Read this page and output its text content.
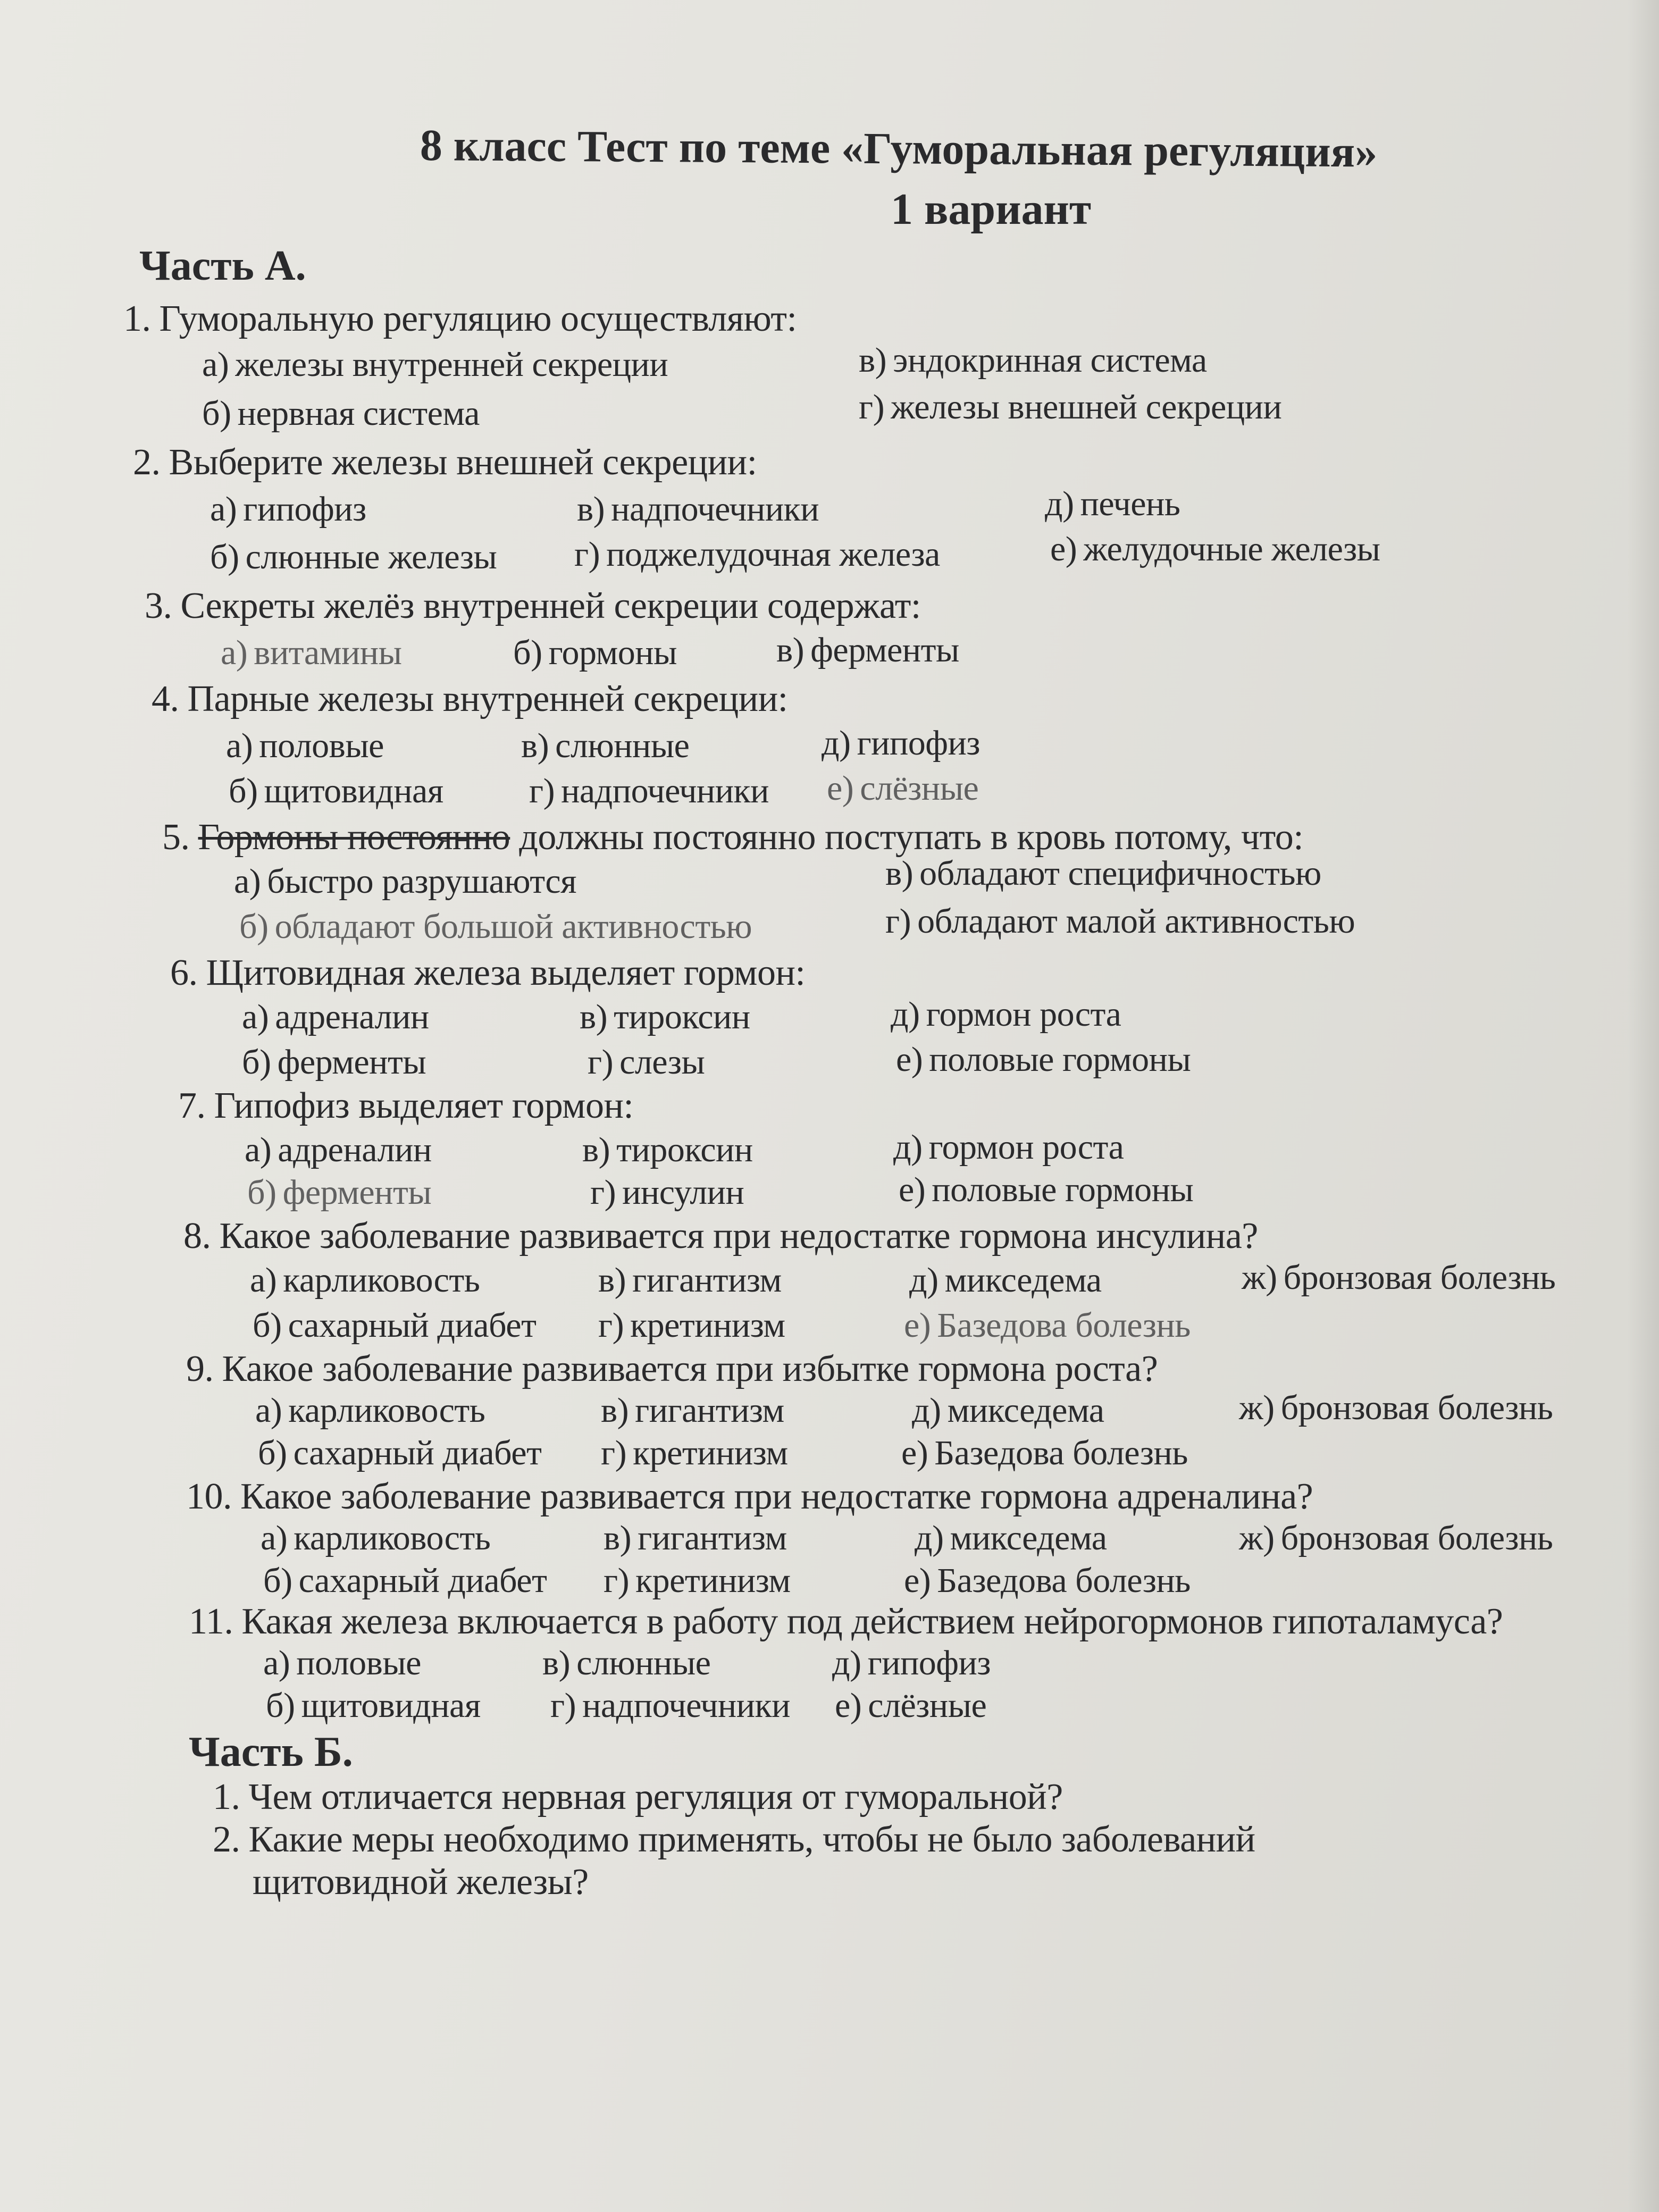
8 класс Тест по теме «Гуморальная регуляция»
1 вариант
Часть А.
1. Гуморальную регуляцию осуществляют:
а) железы внутренней секреции	в) эндокринная система
б) нервная система	г) железы внешней секреции
2. Выберите железы внешней секреции:
а) гипофиз	в) надпочечники	д) печень
б) слюнные железы г) поджелудочная железа	е) желудочные железы
3. Секреты желёз внутренней секреции содержат:
а) витамины	б) гормоны	в) ферменты
4. Парные железы внутренней секреции:
а) половые	в) слюнные	д) гипофиз
б) щитовидная г) надпочечники е) слёзные
5. Гормоны постоянно должны постоянно поступать в кровь потому, что:
а) быстро разрушаются	в) обладают специфичностью
б) обладают большой активностью	г) обладают малой активностью
6. Щитовидная железа выделяет гормон:
а) адреналин	в) тироксин	д) гормон роста
б) ферменты	г) слезы	е) половые гормоны
7. Гипофиз выделяет гормон:
а) адреналин	в) тироксин	д) гормон роста
б) ферменты	г) инсулин	е) половые гормоны
8. Какое заболевание развивается при недостатке гормона инсулина?
а) карликовость	в) гигантизм	д) микседема	ж) бронзовая болезнь
б) сахарный диабет г) кретинизм	е) Базедова болезнь
9. Какое заболевание развивается при избытке гормона роста?
а) карликовость	в) гигантизм	д) микседема	ж) бронзовая болезнь
б) сахарный диабет г) кретинизм	е) Базедова болезнь
10. Какое заболевание развивается при недостатке гормона адреналина?
а) карликовость	в) гигантизм	д) микседема	ж) бронзовая болезнь
б) сахарный диабет г) кретинизм	е) Базедова болезнь
11. Какая железа включается в работу под действием нейрогормонов гипоталамуса?
а) половые	в) слюнные	д) гипофиз
б) щитовидная г) надпочечники е) слёзные
Часть Б.
1. Чем отличается нервная регуляция от гуморальной?
2. Какие меры необходимо применять, чтобы не было заболеваний
щитовидной железы?
